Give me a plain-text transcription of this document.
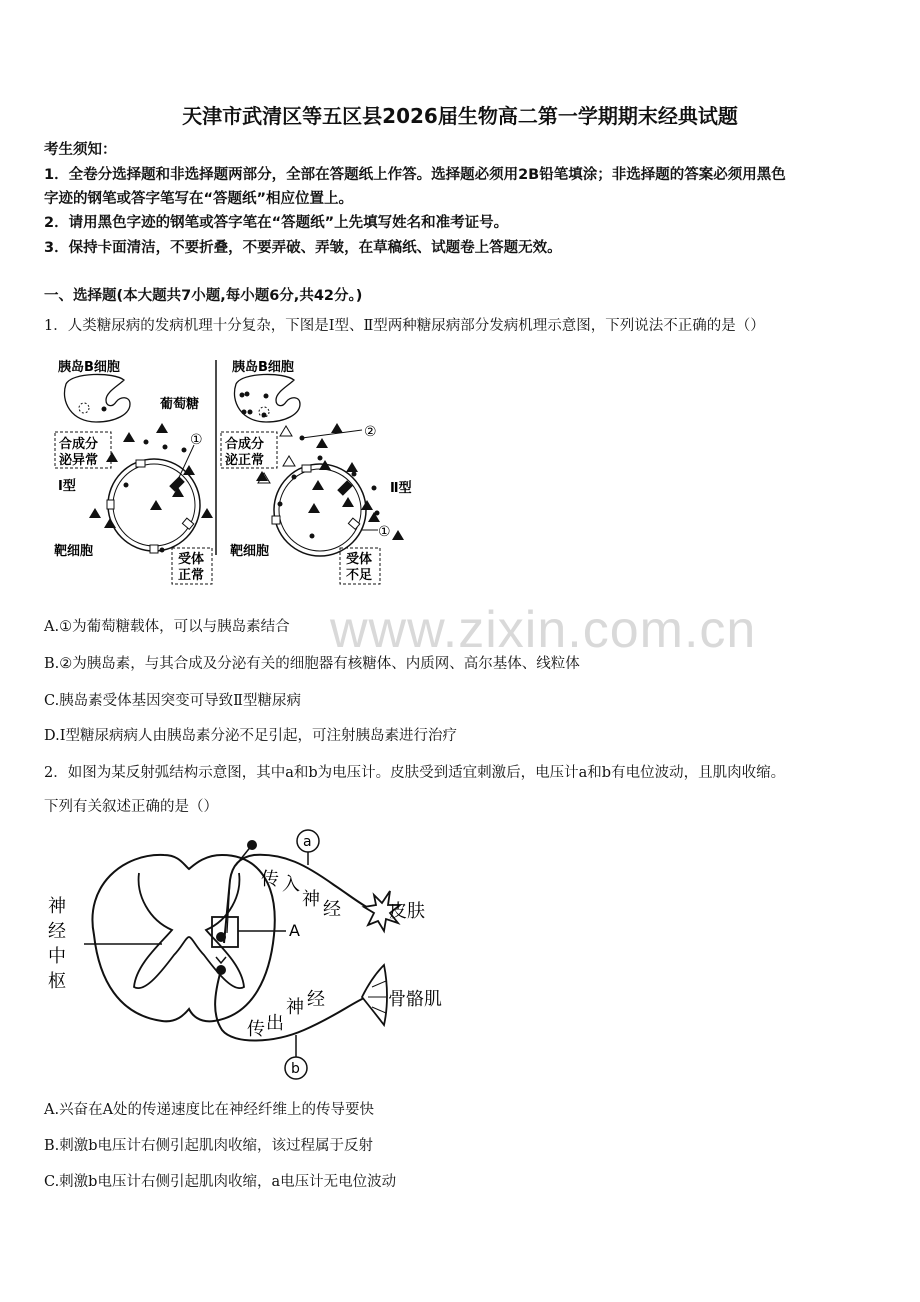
天津市武清区等五区县2026届生物高二第一学期期末经典试题
考生须知：
1．全卷分选择题和非选择题两部分，全部在答题纸上作答。选择题必须用2B铅笔填涂；非选择题的答案必须用黑色
字迹的钢笔或答字笔写在“答题纸”相应位置上。
2．请用黑色字迹的钢笔或答字笔在“答题纸”上先填写姓名和准考证号。
3．保持卡面清洁，不要折叠，不要弄破、弄皱，在草稿纸、试题卷上答题无效。
一、选择题(本大题共7小题,每小题6分,共42分。)
1．人类糖尿病的发病机理十分复杂，下图是Ⅰ型、Ⅱ型两种糖尿病部分发病机理示意图，下列说法不正确的是（）
胰岛B细胞
葡萄糖
合成分
泌异常
Ⅰ型
靶细胞
①
受体
正常
胰岛B细胞
②
合成分
泌正常
Ⅱ型
靶细胞
①
受体
不足
www.zixin.com.cn
A.①为葡萄糖载体，可以与胰岛素结合
B.②为胰岛素，与其合成及分泌有关的细胞器有核糖体、内质网、高尔基体、线粒体
C.胰岛素受体基因突变可导致Ⅱ型糖尿病
D.Ⅰ型糖尿病病人由胰岛素分泌不足引起，可注射胰岛素进行治疗
2．如图为某反射弧结构示意图，其中a和b为电压计。皮肤受到适宜刺激后，电压计a和b有电位波动，且肌肉收缩。
下列有关叙述正确的是（）
神
经
中
枢
a
传 入
神 经	皮肤
A
传 出
神 经
b
骨骼肌
A.兴奋在A处的传递速度比在神经纤维上的传导要快
B.刺激b电压计右侧引起肌肉收缩，该过程属于反射
C.刺激b电压计右侧引起肌肉收缩，a电压计无电位波动
